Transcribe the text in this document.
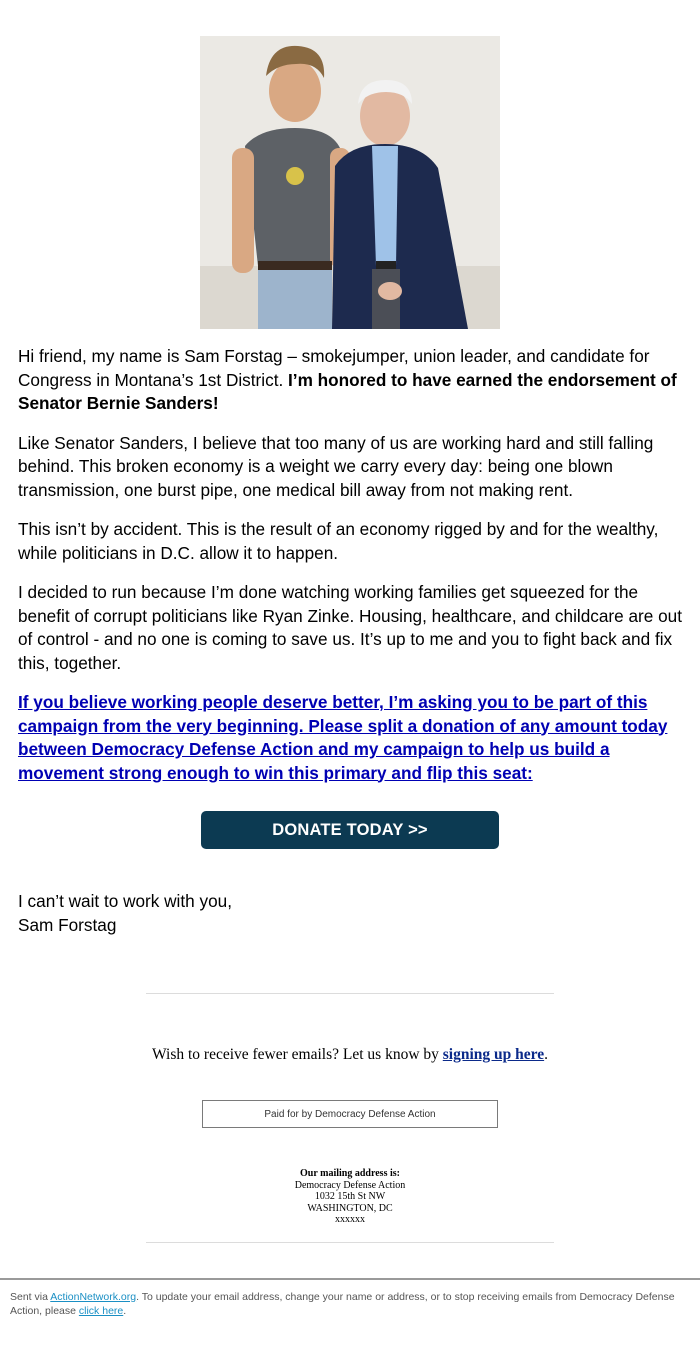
Hi friend, my name is Sam Forstag – smokejumper, union leader, and candidate for Congress in Montana’s 1st District. I’m honored to have earned the endorsement of Senator Bernie Sanders!

Like Senator Sanders, I believe that too many of us are working hard and still falling behind. This broken economy is a weight we carry every day: being one blown transmission, one burst pipe, one medical bill away from not making rent.

This isn’t by accident. This is the result of an economy rigged by and for the wealthy, while politicians in D.C. allow it to happen.

I decided to run because I’m done watching working families get squeezed for the benefit of corrupt politicians like Ryan Zinke. Housing, healthcare, and childcare are out of control - and no one is coming to save us. It’s up to me and you to fight back and fix this, together.

If you believe working people deserve better, I’m asking you to be part of this campaign from the very beginning. Please split a donation of any amount today between Democracy Defense Action and my campaign to help us build a movement strong enough to win this primary and flip this seat:

DONATE TODAY >>
I can’t wait to work with you,
Sam Forstag
Wish to receive fewer emails? Let us know by signing up here.
Paid for by Democracy Defense Action
Our mailing address is:
Democracy Defense Action
1032 15th St NW
WASHINGTON, DC
xxxxxx
Sent via ActionNetwork.org. To update your email address, change your name or address, or to stop receiving emails from Democracy Defense Action, please click here.
